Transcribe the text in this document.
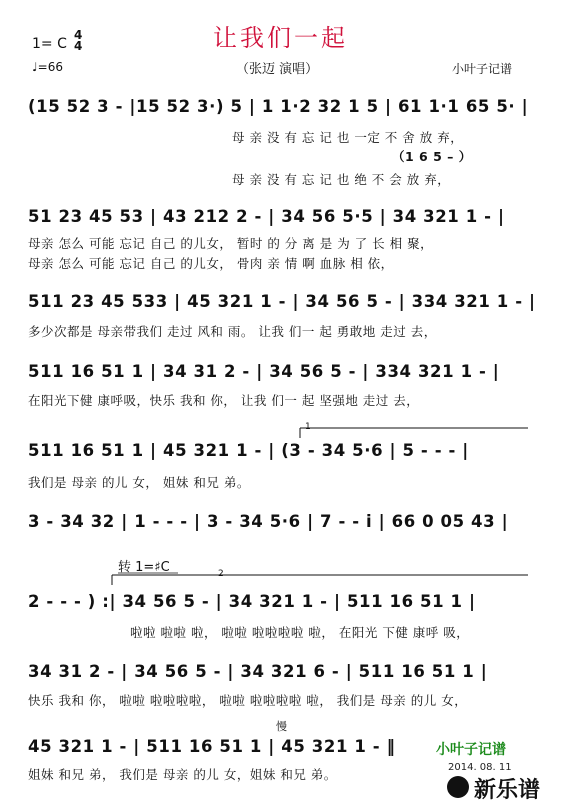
让我们一起
（张迈 演唱）	小叶子记谱
1= C
4
4
♩=66
(15 52 3 - |15 52 3·) 5 | 1 1·2 32 1 5 | 61 1·1 65 5· |
母 亲 没 有 忘 记 也 一定 不 舍 放 弃，
（1 6 5 – ）
母 亲 没 有 忘 记 也 绝 不 会 放 弃，
51 23 45 53 | 43 212 2 - | 34 56 5·5 | 34 321 1 - |
母亲 怎么 可能 忘记 自己 的儿女， 暂时 的 分 离 是 为 了 长 相 聚，
母亲 怎么 可能 忘记 自己 的儿女， 骨肉 亲 情 啊 血脉 相 依，
511 23 45 533 | 45 321 1 - | 34 56 5 - | 334 321 1 - |
多少次都是 母亲带我们 走过 风和 雨。 让我 们一 起 勇敢地 走过 去，
511 16 51 1 | 34 31 2 - | 34 56 5 - | 334 321 1 - |
在阳光下健 康呼吸，快乐 我和 你， 让我 们一 起 坚强地 走过 去，
1
511 16 51 1 | 45 321 1 - | (3 - 34 5·6 | 5 - - - |
我们是 母亲 的儿 女， 姐妹 和兄 弟。
3 - 34 32 | 1 - - - | 3 - 34 5·6 | 7 - - i | 66 0 05 43 |
转 1=♯C	2
2 - - - ) :| 34 56 5 - | 34 321 1 - | 511 16 51 1 |
啦啦 啦啦 啦， 啦啦 啦啦啦啦 啦， 在阳光 下健 康呼 吸，
34 31 2 - | 34 56 5 - | 34 321 6 - | 511 16 51 1 |
快乐 我和 你， 啦啦 啦啦啦啦， 啦啦 啦啦啦啦 啦， 我们是 母亲 的儿 女，
慢
45 321 1 - | 511 16 51 1 | 45 321 1 - ‖
姐妹 和兄 弟， 我们是 母亲 的儿 女，姐妹 和兄 弟。
小叶子记谱
2014. 08. 11
新乐谱
